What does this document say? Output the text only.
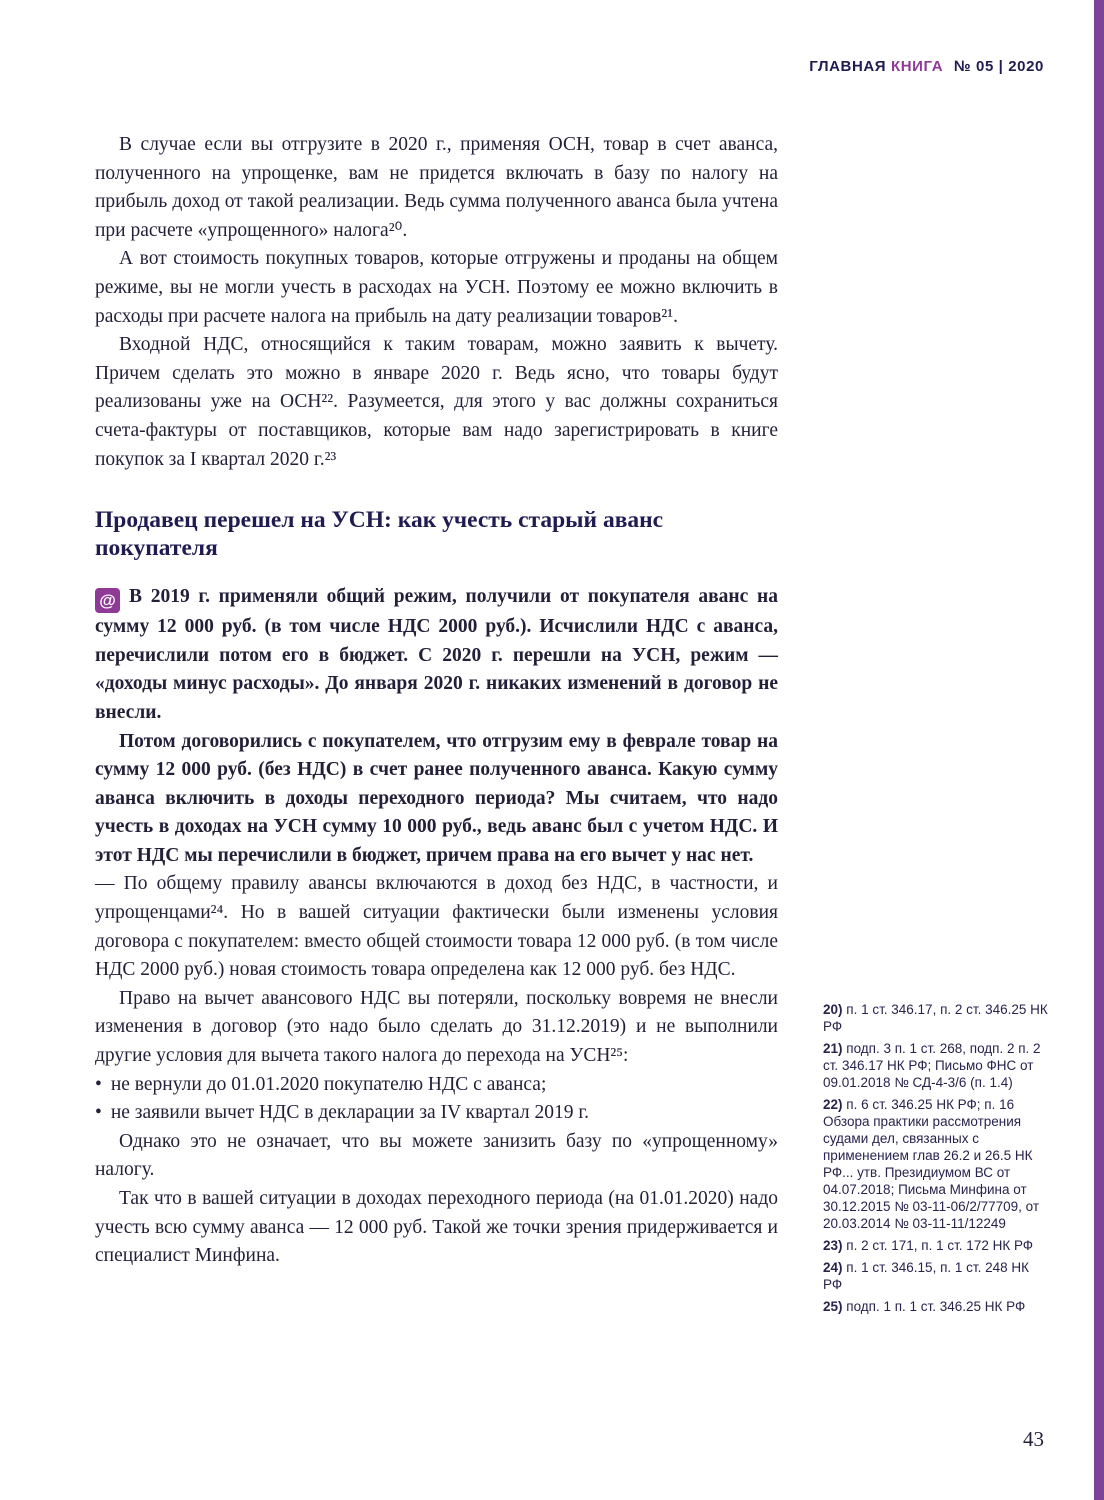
ГЛАВНАЯ КНИГА № 05 | 2020

В случае если вы отгрузите в 2020 г., применяя ОСН, товар в счет аванса, полученного на упрощенке, вам не придется включать в базу по налогу на прибыль доход от такой реализации. Ведь сумма полученного аванса была учтена при расчете «упрощенного» налога²⁰.

А вот стоимость покупных товаров, которые отгружены и проданы на общем режиме, вы не могли учесть в расходах на УСН. Поэтому ее можно включить в расходы при расчете налога на прибыль на дату реализации товаров²¹.

Входной НДС, относящийся к таким товарам, можно заявить к вычету. Причем сделать это можно в январе 2020 г. Ведь ясно, что товары будут реализованы уже на ОСН²². Разумеется, для этого у вас должны сохраниться счета-фактуры от поставщиков, которые вам надо зарегистрировать в книге покупок за I квартал 2020 г.²³

Продавец перешел на УСН: как учесть старый аванс покупателя

@ В 2019 г. применяли общий режим, получили от покупателя аванс на сумму 12 000 руб. (в том числе НДС 2000 руб.). Исчислили НДС с аванса, перечислили потом его в бюджет. С 2020 г. перешли на УСН, режим — «доходы минус расходы». До января 2020 г. никаких изменений в договор не внесли.

Потом договорились с покупателем, что отгрузим ему в феврале товар на сумму 12 000 руб. (без НДС) в счет ранее полученного аванса. Какую сумму аванса включить в доходы переходного периода? Мы считаем, что надо учесть в доходах на УСН сумму 10 000 руб., ведь аванс был с учетом НДС. И этот НДС мы перечислили в бюджет, причем права на его вычет у нас нет.

— По общему правилу авансы включаются в доход без НДС, в частности, и упрощенцами²⁴. Но в вашей ситуации фактически были изменены условия договора с покупателем: вместо общей стоимости товара 12 000 руб. (в том числе НДС 2000 руб.) новая стоимость товара определена как 12 000 руб. без НДС.

Право на вычет авансового НДС вы потеряли, поскольку вовремя не внесли изменения в договор (это надо было сделать до 31.12.2019) и не выполнили другие условия для вычета такого налога до перехода на УСН²⁵:

• не вернули до 01.01.2020 покупателю НДС с аванса;
• не заявили вычет НДС в декларации за IV квартал 2019 г.

Однако это не означает, что вы можете занизить базу по «упрощенному» налогу.

Так что в вашей ситуации в доходах переходного периода (на 01.01.2020) надо учесть всю сумму аванса — 12 000 руб. Такой же точки зрения придерживается и специалист Минфина.

20) п. 1 ст. 346.17, п. 2 ст. 346.25 НК РФ
21) подп. 3 п. 1 ст. 268, подп. 2 п. 2 ст. 346.17 НК РФ; Письмо ФНС от 09.01.2018 № СД-4-3/6 (п. 1.4)
22) п. 6 ст. 346.25 НК РФ; п. 16 Обзора практики рассмотрения судами дел, связанных с применением глав 26.2 и 26.5 НК РФ... утв. Президиумом ВС от 04.07.2018; Письма Минфина от 30.12.2015 № 03-11-06/2/77709, от 20.03.2014 № 03-11-11/12249
23) п. 2 ст. 171, п. 1 ст. 172 НК РФ
24) п. 1 ст. 346.15, п. 1 ст. 248 НК РФ
25) подп. 1 п. 1 ст. 346.25 НК РФ
43
